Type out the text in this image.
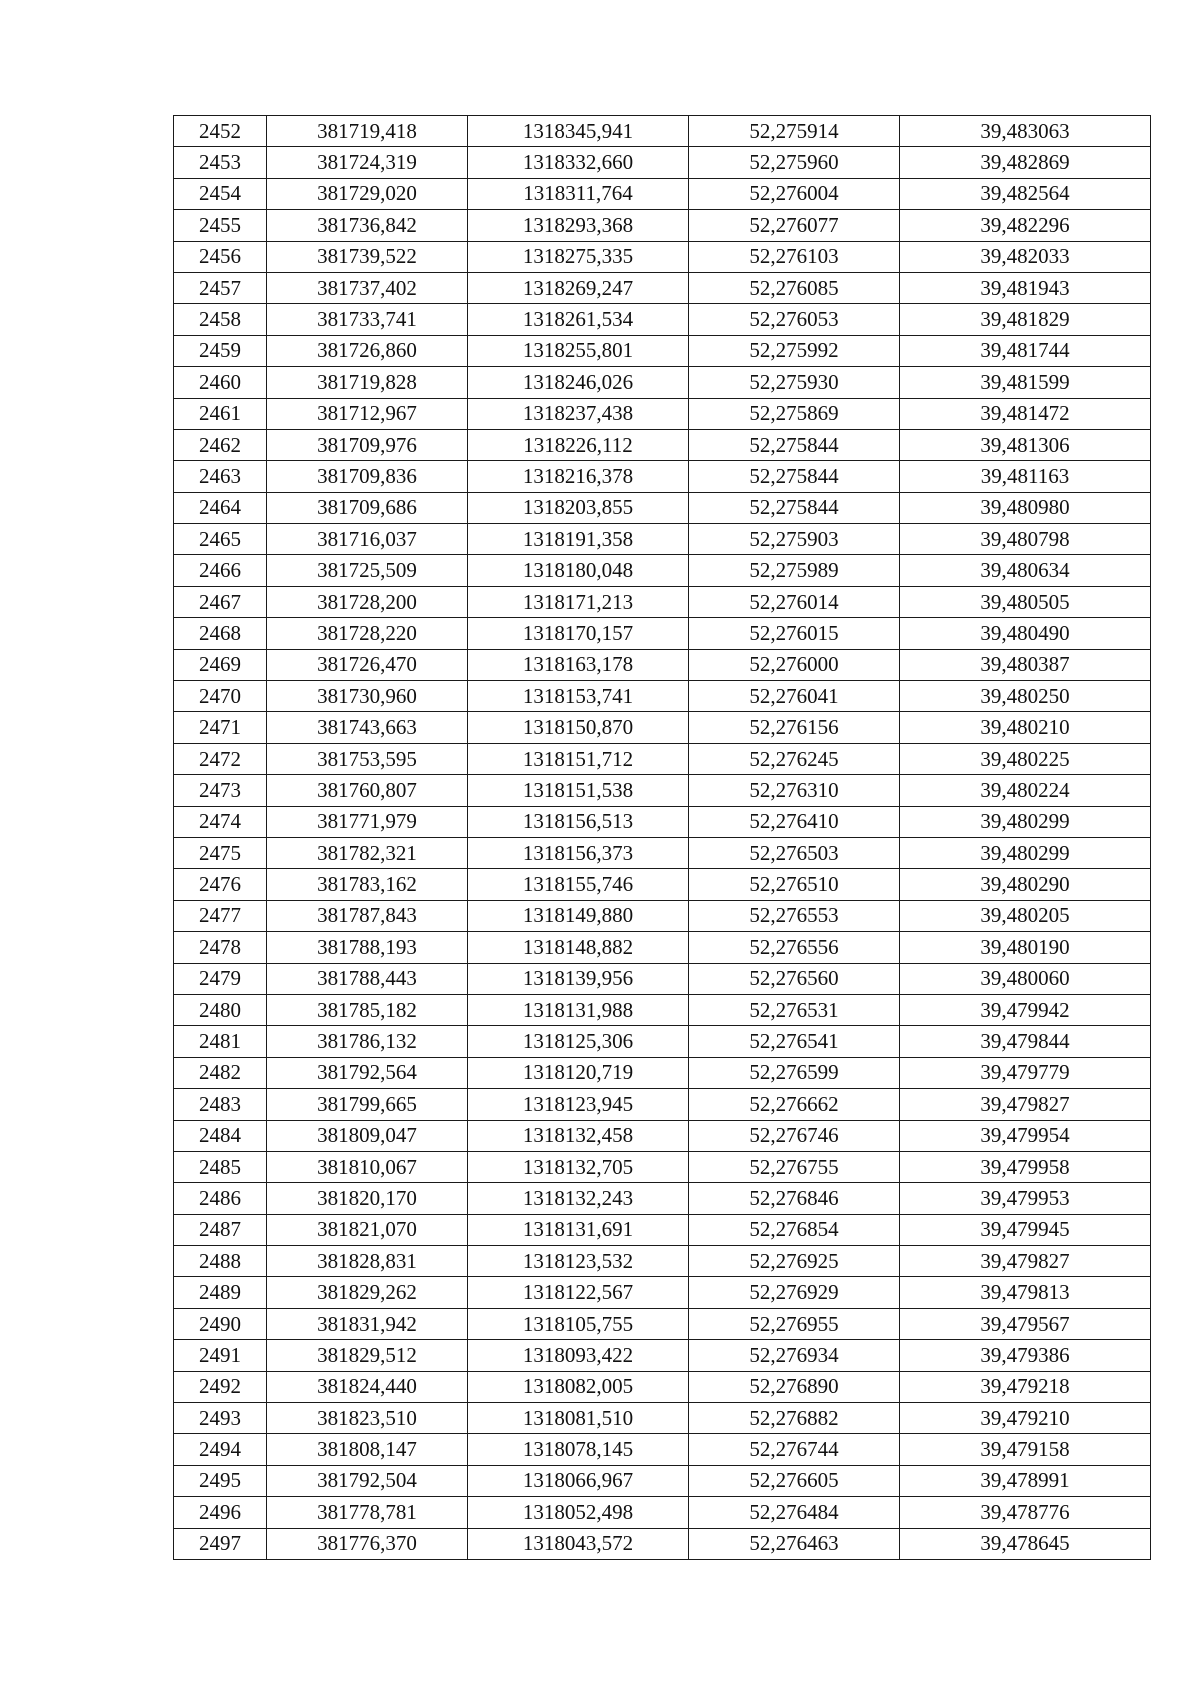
2452	381719,418	1318345,941	52,275914	39,483063
2453	381724,319	1318332,660	52,275960	39,482869
2454	381729,020	1318311,764	52,276004	39,482564
2455	381736,842	1318293,368	52,276077	39,482296
2456	381739,522	1318275,335	52,276103	39,482033
2457	381737,402	1318269,247	52,276085	39,481943
2458	381733,741	1318261,534	52,276053	39,481829
2459	381726,860	1318255,801	52,275992	39,481744
2460	381719,828	1318246,026	52,275930	39,481599
2461	381712,967	1318237,438	52,275869	39,481472
2462	381709,976	1318226,112	52,275844	39,481306
2463	381709,836	1318216,378	52,275844	39,481163
2464	381709,686	1318203,855	52,275844	39,480980
2465	381716,037	1318191,358	52,275903	39,480798
2466	381725,509	1318180,048	52,275989	39,480634
2467	381728,200	1318171,213	52,276014	39,480505
2468	381728,220	1318170,157	52,276015	39,480490
2469	381726,470	1318163,178	52,276000	39,480387
2470	381730,960	1318153,741	52,276041	39,480250
2471	381743,663	1318150,870	52,276156	39,480210
2472	381753,595	1318151,712	52,276245	39,480225
2473	381760,807	1318151,538	52,276310	39,480224
2474	381771,979	1318156,513	52,276410	39,480299
2475	381782,321	1318156,373	52,276503	39,480299
2476	381783,162	1318155,746	52,276510	39,480290
2477	381787,843	1318149,880	52,276553	39,480205
2478	381788,193	1318148,882	52,276556	39,480190
2479	381788,443	1318139,956	52,276560	39,480060
2480	381785,182	1318131,988	52,276531	39,479942
2481	381786,132	1318125,306	52,276541	39,479844
2482	381792,564	1318120,719	52,276599	39,479779
2483	381799,665	1318123,945	52,276662	39,479827
2484	381809,047	1318132,458	52,276746	39,479954
2485	381810,067	1318132,705	52,276755	39,479958
2486	381820,170	1318132,243	52,276846	39,479953
2487	381821,070	1318131,691	52,276854	39,479945
2488	381828,831	1318123,532	52,276925	39,479827
2489	381829,262	1318122,567	52,276929	39,479813
2490	381831,942	1318105,755	52,276955	39,479567
2491	381829,512	1318093,422	52,276934	39,479386
2492	381824,440	1318082,005	52,276890	39,479218
2493	381823,510	1318081,510	52,276882	39,479210
2494	381808,147	1318078,145	52,276744	39,479158
2495	381792,504	1318066,967	52,276605	39,478991
2496	381778,781	1318052,498	52,276484	39,478776
2497	381776,370	1318043,572	52,276463	39,478645
